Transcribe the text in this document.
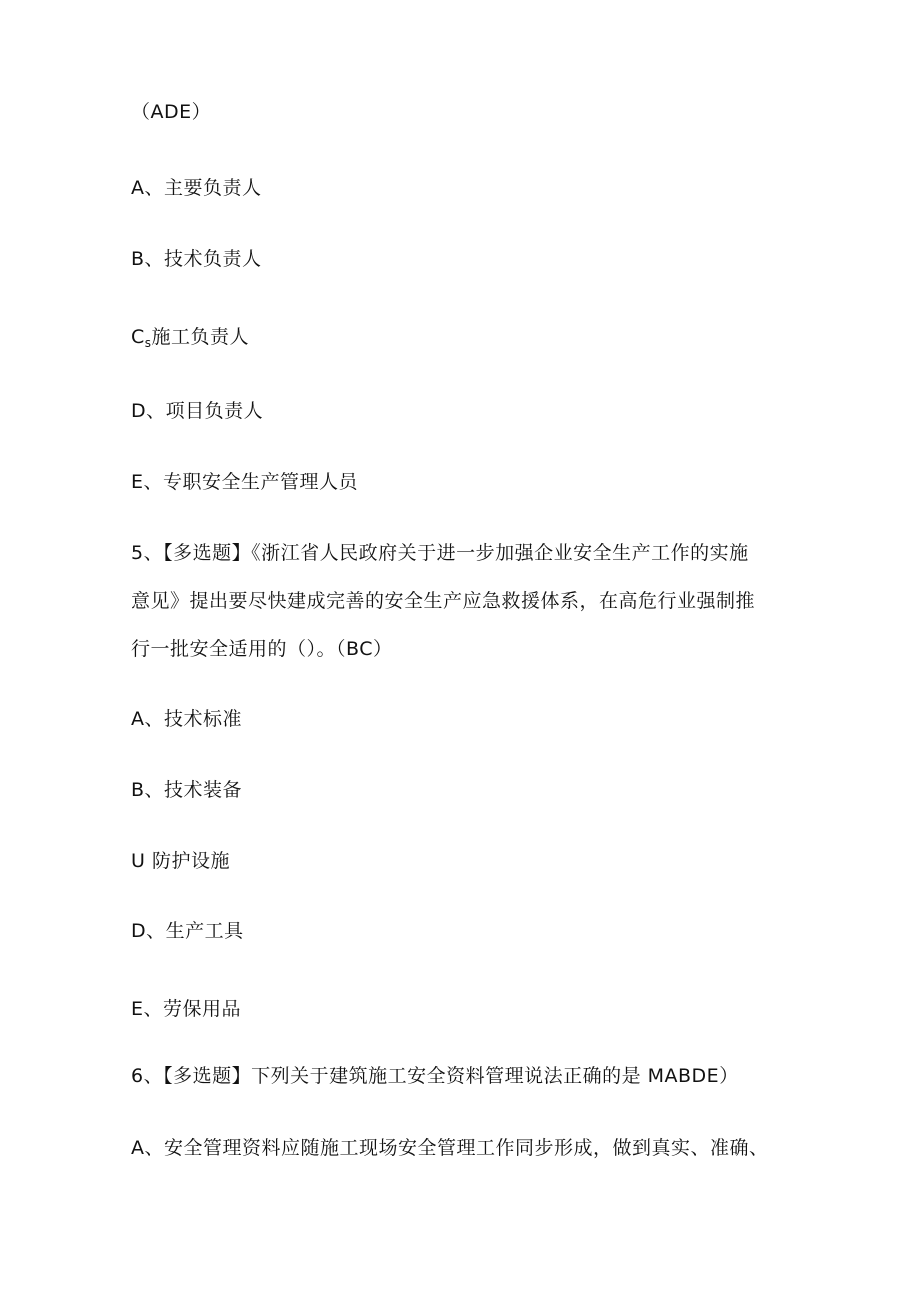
（ADE）
A、主要负责人
B、技术负责人
$C_s$施工负责人
D、项目负责人
E、专职安全生产管理人员
5、【多选题】《浙江省人民政府关于进一步加强企业安全生产工作的实施
意见》提出要尽快建成完善的安全生产应急救援体系，在高危行业强制推
行一批安全适用的（）。（BC）
A、技术标准
B、技术装备
U 防护设施
D、生产工具
E、劳保用品
6、【多选题】下列关于建筑施工安全资料管理说法正确的是 MABDE）
A、安全管理资料应随施工现场安全管理工作同步形成，做到真实、准确、
